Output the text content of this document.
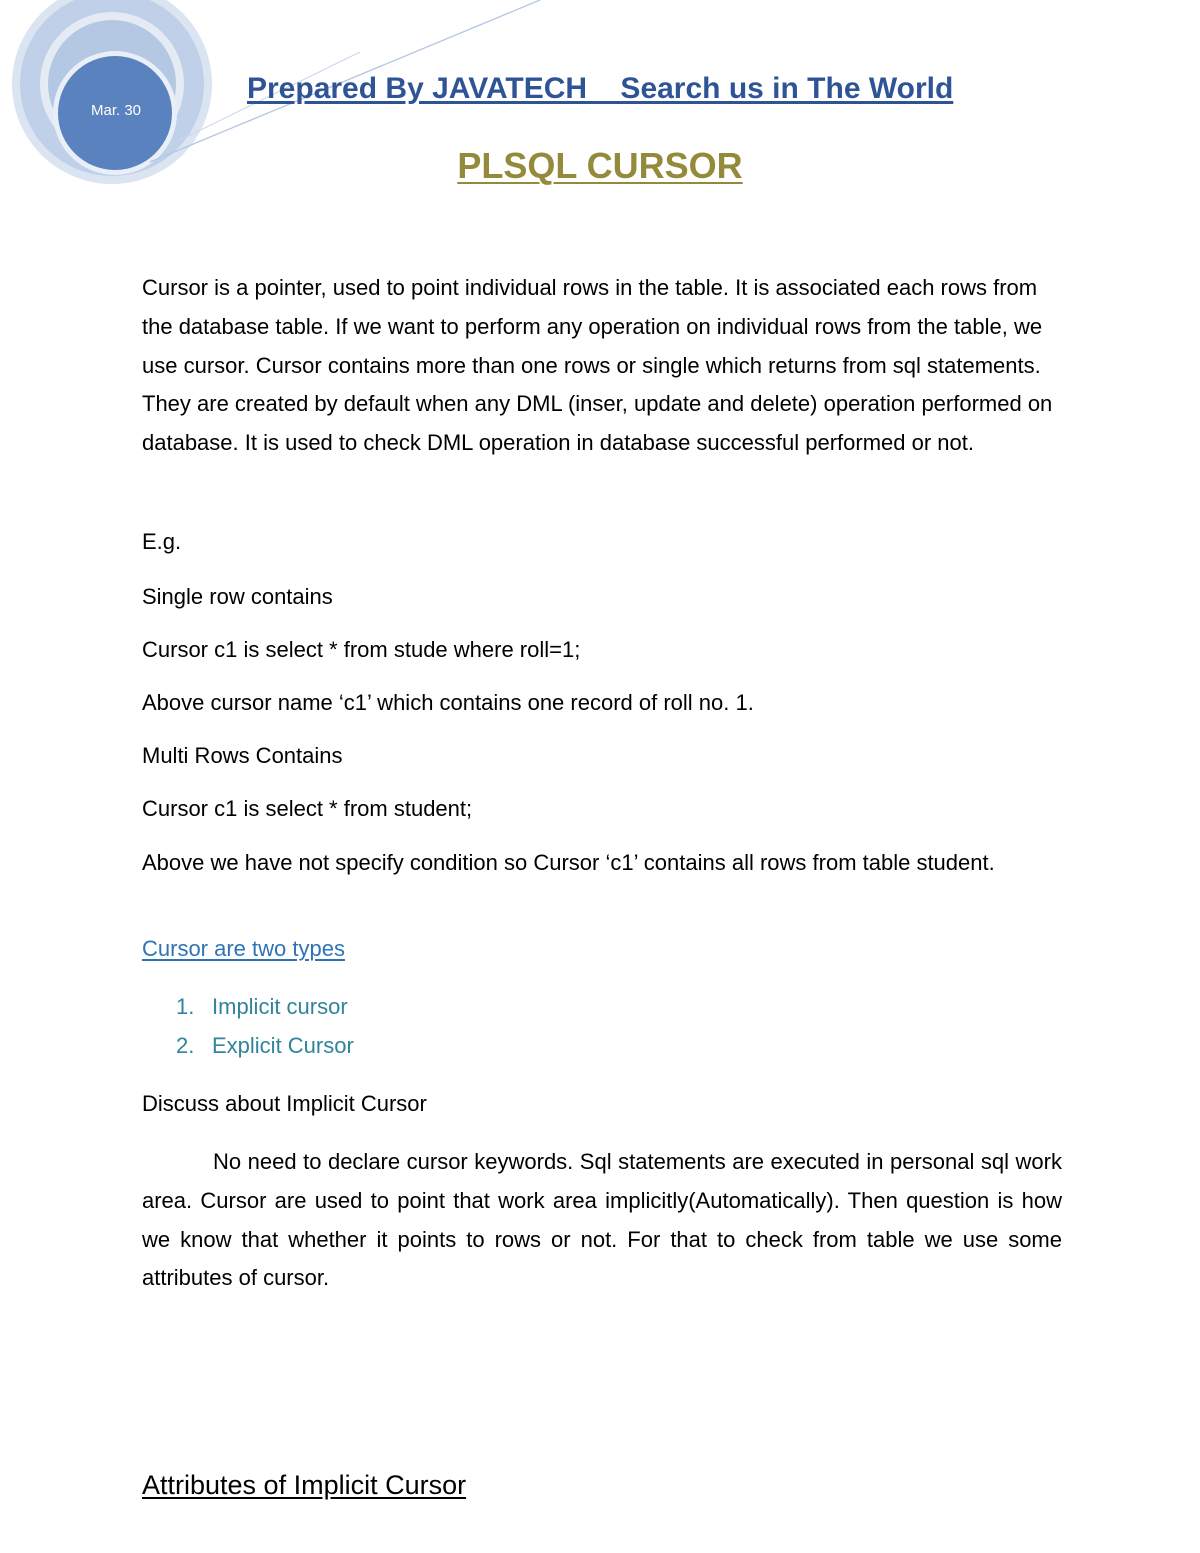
Mar. 30
Prepared By JAVATECH    Search us in The World
PLSQL CURSOR
Cursor is a pointer, used to point individual rows in the table. It is associated each rows from the database table. If we want to perform any operation on individual rows from the table, we use cursor. Cursor contains more than one rows or single which returns from sql statements. They are created by default when any DML (inser, update and delete) operation performed on database. It is used to check DML operation in database successful performed or not.
E.g.
Single row contains
Cursor c1 is select * from stude where roll=1;
Above cursor name ‘c1’ which contains one record of roll no. 1.
Multi Rows Contains
Cursor c1 is select * from student;
Above we have not specify condition so Cursor ‘c1’ contains all rows from table student.
Cursor are two types
1. Implicit cursor
2. Explicit Cursor
Discuss about Implicit Cursor
No need to declare cursor keywords. Sql statements are executed in personal sql work area. Cursor are used to point that work area implicitly(Automatically). Then question is how we know that whether it points to rows or not. For that to check from table we use some attributes of cursor.
Attributes of Implicit Cursor
